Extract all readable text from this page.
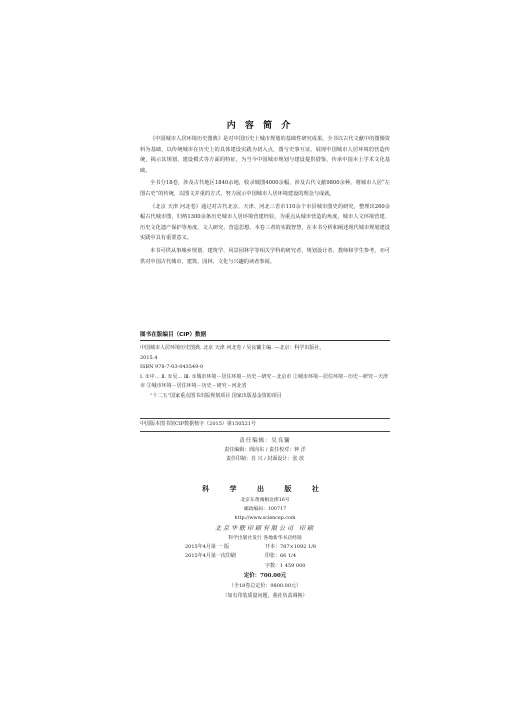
内 容 简 介

《中国城市人居环境历史图典》是对中国历史上城市规划的基础性研究成果。全书以古代文献中的图像资料为基础，以传统城市在历史上的具体建设实践为切入点，图与史事互证，展现中国城市人居环境的营造传统，揭示其规划、建设模式等方面的特征，为当今中国城市规划与建设提供借鉴，传承中国本土学术文化基础。

全书分18卷，涉及古代地区1840余地，收录城图4000余幅，涉及古代文献9800余种。将城市人居“左图右史”的传统，以图文并重的方式，努力展示中国城市人居环境建设的理念与成就。

《北京 天津 河北卷》通过对古代北京、天津、河北三省市110余个市县城市图史的研究，整理出260余幅古代城市图，归纳1300余条历史城市人居环境营建经验，为重点从城市营造的角度，城市人文环境营建、历史文化遗产保护等角度，文人研究、营造思想、本卷三者的实践智慧，在本书分析和阐述现代城市规划建设实践中具有重要意义。

本书可供从事城乡规划、建筑学、风景园林学等相关学科的研究者、规划设计者、教师和学生参考，亦可供对中国古代城市、建筑、园林、文化与兴趣的读者参阅。

图书在版编目（CIP）数据
中国城市人居环境历史图典. 北京 天津 河北卷 / 吴良镛主编. —北京：科学出版社，
2015.4
ISBN 978-7-03-043549-0
Ⅰ. ①中… Ⅱ. ①吴… Ⅲ. ①城市环境－居住环境－历史－研究－北京市 ②城市环境－居住环境－历史－研究－天津市 ③城市环境－居住环境－历史－研究－河北省
“十二五”国家重点图书出版规划项目 国家出版基金资助项目
中国版本图书馆CIP数据核字（2015）第150521号
责任编辑：吴良镛
责任编辑：阎向东 / 责任校对：钟 洋
责任印制：肖 兴 / 封面设计：张 放
科 学 出 版 社
北京东黄城根北街16号
邮政编码：100717
http://www.sciencep.com
北京华联印刷有限公司 印刷
科学出版社发行 各地新华书店经销
2015年4月第 一 版	开本：787×1092 1/8
2015年4月第一次印刷	印张：66 1/4
字数：1 459 000
定价：700.00元
（全18卷总定价：9800.00元）
（如有印装质量问题，我社负责调换）
